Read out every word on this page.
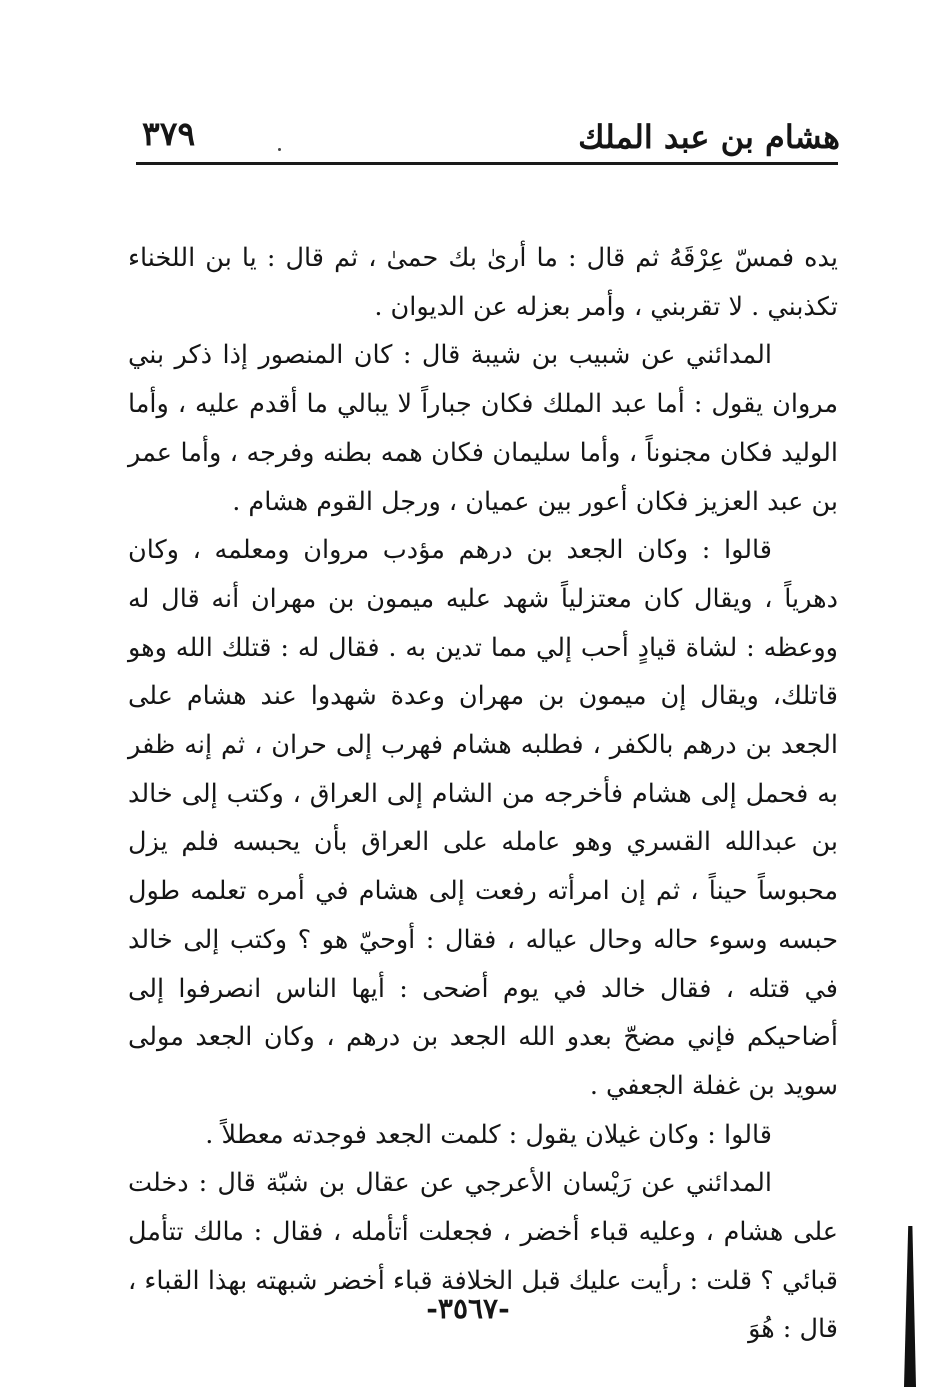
هشام بن عبد الملك
٣٧٩

يده فمسّ عِرْقَهُ ثم قال : ما أرىٰ بك حمىٰ ، ثم قال : يا بن اللخناء تكذبني . لا تقربني ، وأمر بعزله عن الديوان .

المدائني عن شبيب بن شيبة قال : كان المنصور إذا ذكر بني مروان يقول : أما عبد الملك فكان جباراً لا يبالي ما أقدم عليه ، وأما الوليد فكان مجنوناً ، وأما سليمان فكان همه بطنه وفرجه ، وأما عمر بن عبد العزيز فكان أعور بين عميان ، ورجل القوم هشام .

قالوا : وكان الجعد بن درهم مؤدب مروان ومعلمه ، وكان دهرياً ، ويقال كان معتزلياً شهد عليه ميمون بن مهران أنه قال له ووعظه : لشاة قيادٍ أحب إلي مما تدين به . فقال له : قتلك الله وهو قاتلك، ويقال إن ميمون بن مهران وعدة شهدوا عند هشام على الجعد بن درهم بالكفر ، فطلبه هشام فهرب إلى حران ، ثم إنه ظفر به فحمل إلى هشام فأخرجه من الشام إلى العراق ، وكتب إلى خالد بن عبدالله القسري وهو عامله على العراق بأن يحبسه فلم يزل محبوساً حيناً ، ثم إن امرأته رفعت إلى هشام في أمره تعلمه طول حبسه وسوء حاله وحال عياله ، فقال : أوحيّ هو ؟ وكتب إلى خالد في قتله ، فقال خالد في يوم أضحى : أيها الناس انصرفوا إلى أضاحيكم فإني مضحّ بعدو الله الجعد بن درهم ، وكان الجعد مولى سويد بن غفلة الجعفي .

قالوا : وكان غيلان يقول : كلمت الجعد فوجدته معطلاً .

المدائني عن رَيْسان الأعرجي عن عقال بن شبّة قال : دخلت على هشام ، وعليه قباء أخضر ، فجعلت أتأمله ، فقال : مالك تتأمل قبائي ؟ قلت : رأيت عليك قبل الخلافة قباء أخضر شبهته بهذا القباء ، قال : هُوَ

-٣٥٦٧-
